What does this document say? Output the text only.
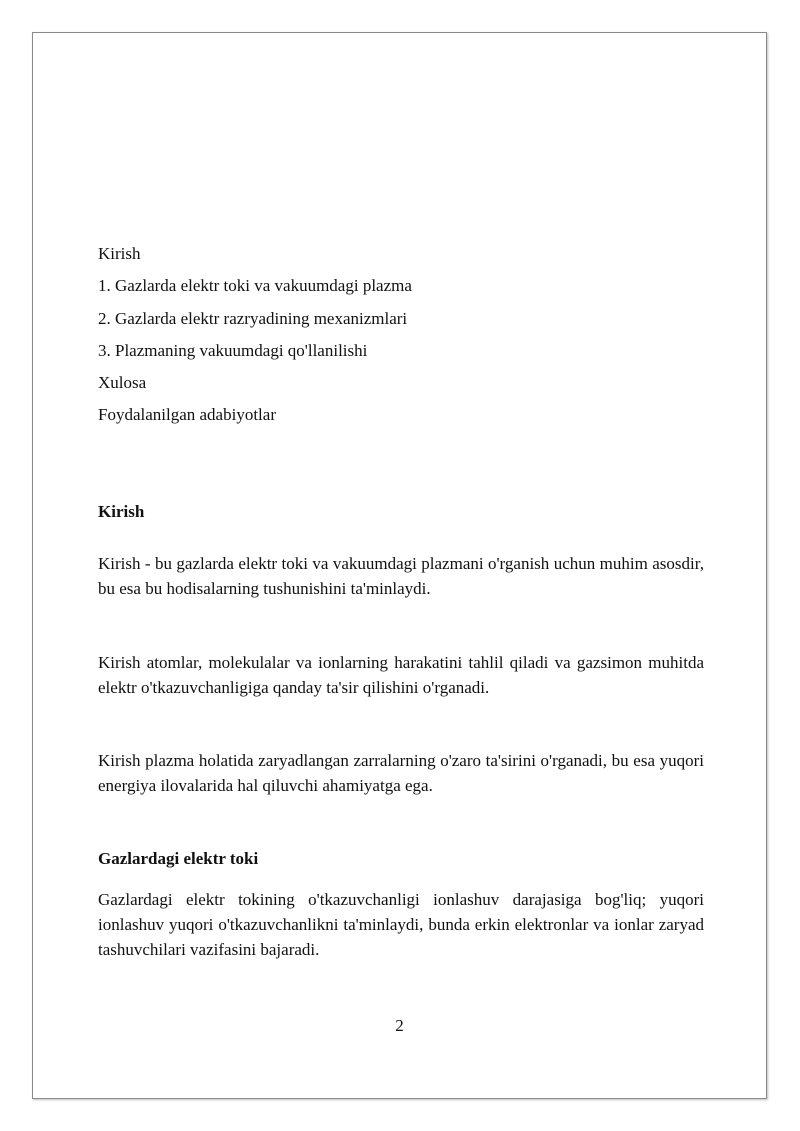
Kirish
1. Gazlarda elektr toki va vakuumdagi plazma
2. Gazlarda elektr razryadining mexanizmlari
3. Plazmaning vakuumdagi qo'llanilishi
Xulosa
Foydalanilgan adabiyotlar
Kirish
Kirish - bu gazlarda elektr toki va vakuumdagi plazmani o'rganish uchun muhim asosdir, bu esa bu hodisalarning tushunishini ta'minlaydi.
Kirish atomlar, molekulalar va ionlarning harakatini tahlil qiladi va gazsimon muhitda elektr o'tkazuvchanligiga qanday ta'sir qilishini o'rganadi.
Kirish plazma holatida zaryadlangan zarralarning o'zaro ta'sirini o'rganadi, bu esa yuqori energiya ilovalarida hal qiluvchi ahamiyatga ega.
Gazlardagi elektr toki
Gazlardagi elektr tokining o'tkazuvchanligi ionlashuv darajasiga bog'liq; yuqori ionlashuv yuqori o'tkazuvchanlikni ta'minlaydi, bunda erkin elektronlar va ionlar zaryad tashuvchilari vazifasini bajaradi.
2
